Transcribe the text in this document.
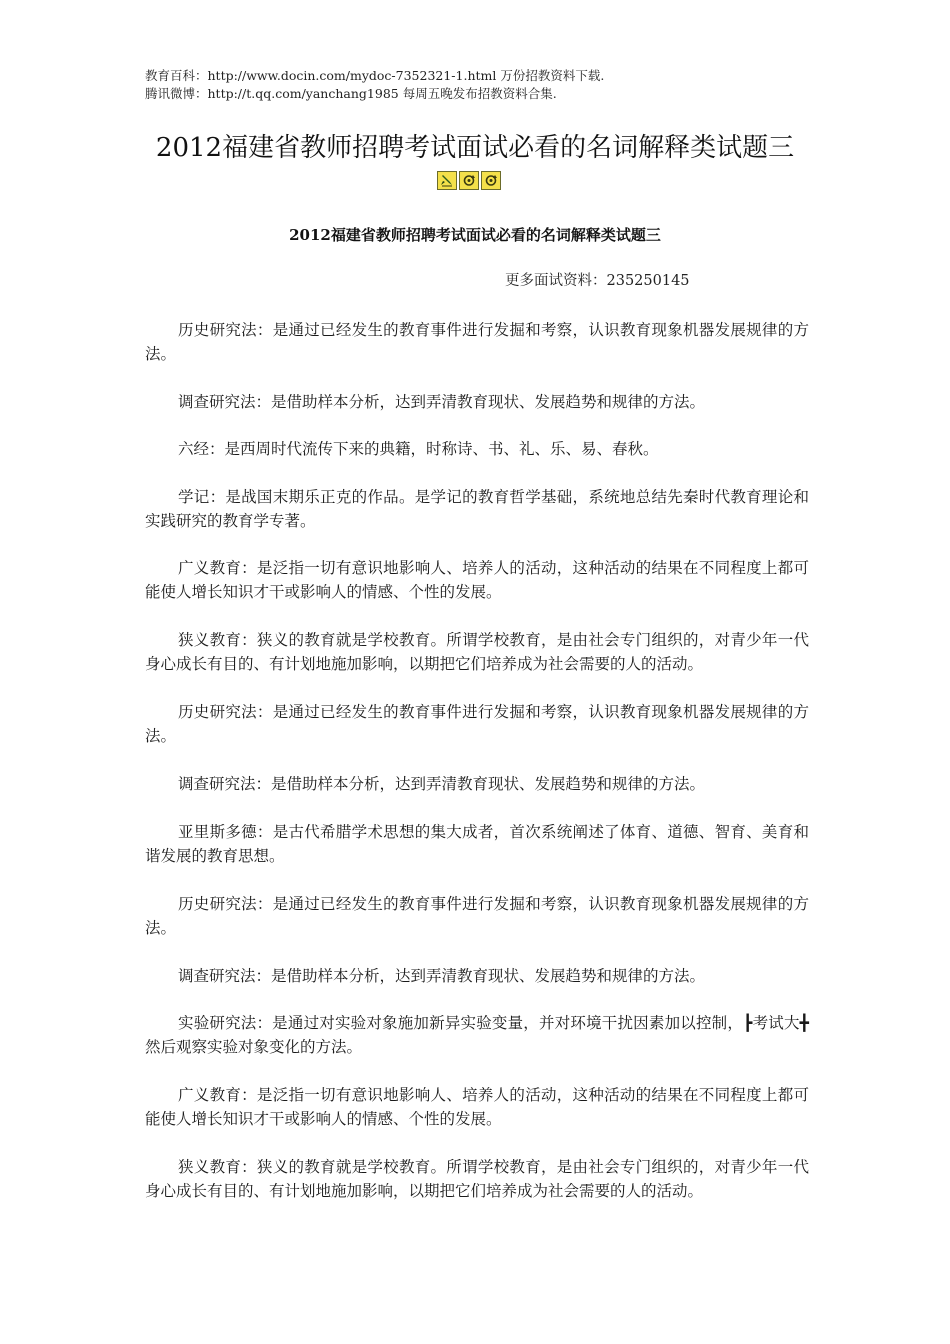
教育百科：http://www.docin.com/mydoc-7352321-1.html 万份招教资料下载.
腾讯微博：http://t.qq.com/yanchang1985 每周五晚发布招教资料合集.
2012福建省教师招聘考试面试必看的名词解释类试题三
2012福建省教师招聘考试面试必看的名词解释类试题三
更多面试资料：235250145

历史研究法：是通过已经发生的教育事件进行发掘和考察，认识教育现象机器发展规律的方法。

调查研究法：是借助样本分析，达到弄清教育现状、发展趋势和规律的方法。

六经：是西周时代流传下来的典籍，时称诗、书、礼、乐、易、春秋。

学记：是战国末期乐正克的作品。是学记的教育哲学基础，系统地总结先秦时代教育理论和实践研究的教育学专著。

广义教育：是泛指一切有意识地影响人、培养人的活动，这种活动的结果在不同程度上都可能使人增长知识才干或影响人的情感、个性的发展。

狭义教育：狭义的教育就是学校教育。所谓学校教育，是由社会专门组织的，对青少年一代身心成长有目的、有计划地施加影响，以期把它们培养成为社会需要的人的活动。

历史研究法：是通过已经发生的教育事件进行发掘和考察，认识教育现象机器发展规律的方法。

调查研究法：是借助样本分析，达到弄清教育现状、发展趋势和规律的方法。

亚里斯多德：是古代希腊学术思想的集大成者，首次系统阐述了体育、道德、智育、美育和谐发展的教育思想。

历史研究法：是通过已经发生的教育事件进行发掘和考察，认识教育现象机器发展规律的方法。

调查研究法：是借助样本分析，达到弄清教育现状、发展趋势和规律的方法。

实验研究法：是通过对实验对象施加新异实验变量，并对环境干扰因素加以控制，┣考试大╋然后观察实验对象变化的方法。

广义教育：是泛指一切有意识地影响人、培养人的活动，这种活动的结果在不同程度上都可能使人增长知识才干或影响人的情感、个性的发展。

狭义教育：狭义的教育就是学校教育。所谓学校教育，是由社会专门组织的，对青少年一代身心成长有目的、有计划地施加影响，以期把它们培养成为社会需要的人的活动。
